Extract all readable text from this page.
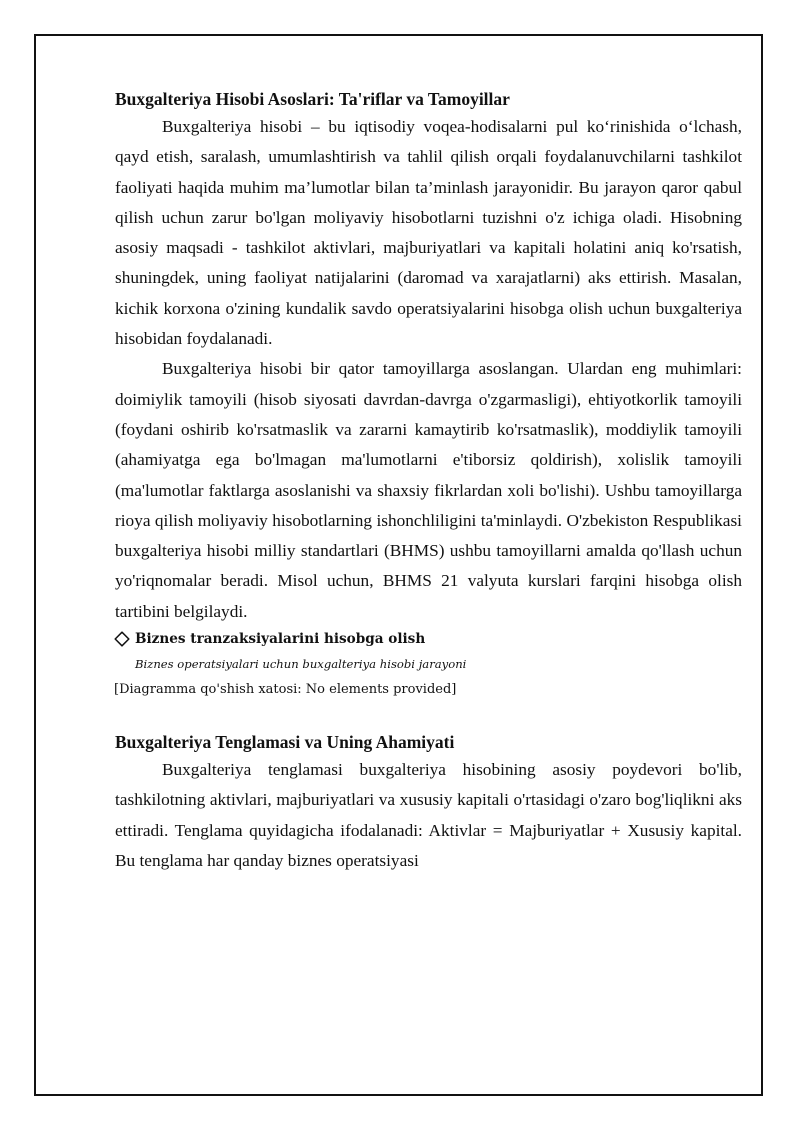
Buxgalteriya Hisobi Asoslari: Ta'riflar va Tamoyillar

Buxgalteriya hisobi – bu iqtisodiy voqea-hodisalarni pul ko‘rinishida o‘lchash, qayd etish, saralash, umumlashtirish va tahlil qilish orqali foydalanuvchilarni tashkilot faoliyati haqida muhim ma’lumotlar bilan ta’minlash jarayonidir. Bu jarayon qaror qabul qilish uchun zarur bo'lgan moliyaviy hisobotlarni tuzishni o'z ichiga oladi. Hisobning asosiy maqsadi - tashkilot aktivlari, majburiyatlari va kapitali holatini aniq ko'rsatish, shuningdek, uning faoliyat natijalarini (daromad va xarajatlarni) aks ettirish. Masalan, kichik korxona o'zining kundalik savdo operatsiyalarini hisobga olish uchun buxgalteriya hisobidan foydalanadi.

Buxgalteriya hisobi bir qator tamoyillarga asoslangan. Ulardan eng muhimlari: doimiylik tamoyili (hisob siyosati davrdan-davrga o'zgarmasligi), ehtiyotkorlik tamoyili (foydani oshirib ko'rsatmaslik va zararni kamaytirib ko'rsatmaslik), moddiylik tamoyili (ahamiyatga ega bo'lmagan ma'lumotlarni e'tiborsiz qoldirish), xolislik tamoyili (ma'lumotlar faktlarga asoslanishi va shaxsiy fikrlardan xoli bo'lishi). Ushbu tamoyillarga rioya qilish moliyaviy hisobotlarning ishonchliligini ta'minlaydi. O'zbekiston Respublikasi buxgalteriya hisobi milliy standartlari (BHMS) ushbu tamoyillarni amalda qo'llash uchun yo'riqnomalar beradi. Misol uchun, BHMS 21 valyuta kurslari farqini hisobga olish tartibini belgilaydi.

Biznes tranzaksiyalarini hisobga olish
Biznes operatsiyalari uchun buxgalteriya hisobi jarayoni
[Diagramma qo'shish xatosi: No elements provided]
Buxgalteriya Tenglamasi va Uning Ahamiyati

Buxgalteriya tenglamasi buxgalteriya hisobining asosiy poydevori bo'lib, tashkilotning aktivlari, majburiyatlari va xususiy kapitali o'rtasidagi o'zaro bog'liqlikni aks ettiradi. Tenglama quyidagicha ifodalanadi: Aktivlar = Majburiyatlar + Xususiy kapital. Bu tenglama har qanday biznes operatsiyasi
